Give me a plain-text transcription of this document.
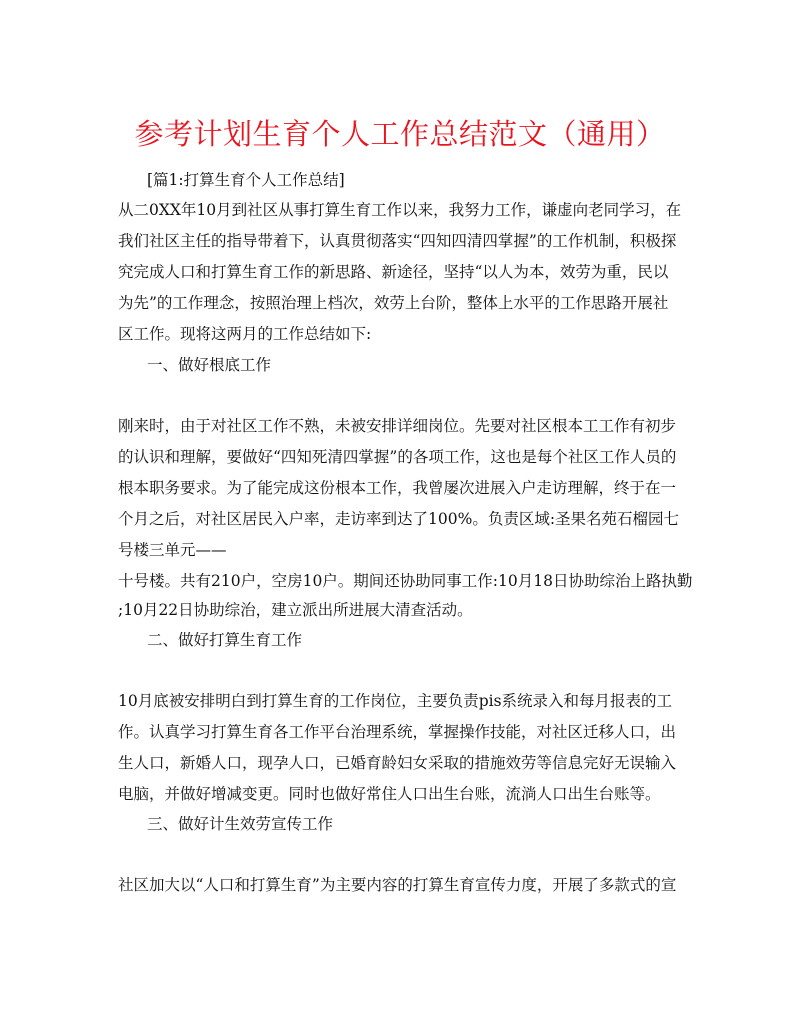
参考计划生育个人工作总结范文（通用）
[篇1:打算生育个人工作总结]
从二0XX年10月到社区从事打算生育工作以来，我努力工作，谦虚向老同学习，在
我们社区主任的指导带着下，认真贯彻落实“四知四清四掌握”的工作机制，积极探
究完成人口和打算生育工作的新思路、新途径，坚持“以人为本，效劳为重，民以
为先”的工作理念，按照治理上档次，效劳上台阶，整体上水平的工作思路开展社
区工作。现将这两月的工作总结如下:
一、做好根底工作
刚来时，由于对社区工作不熟，未被安排详细岗位。先要对社区根本工工作有初步
的认识和理解，要做好“四知死清四掌握”的各项工作，这也是每个社区工作人员的
根本职务要求。为了能完成这份根本工作，我曾屡次进展入户走访理解，终于在一
个月之后，对社区居民入户率，走访率到达了100%。负责区域:圣果名苑石榴园七
号楼三单元——
十号楼。共有210户，空房10户。期间还协助同事工作:10月18日协助综治上路执勤
;10月22日协助综治，建立派出所进展大清查活动。
二、做好打算生育工作
10月底被安排明白到打算生育的工作岗位，主要负责pis系统录入和每月报表的工
作。认真学习打算生育各工作平台治理系统，掌握操作技能，对社区迁移人口，出
生人口，新婚人口，现孕人口，已婚育龄妇女采取的措施效劳等信息完好无误输入
电脑，并做好增减变更。同时也做好常住人口出生台账，流淌人口出生台账等。
三、做好计生效劳宣传工作
社区加大以“人口和打算生育”为主要内容的打算生育宣传力度，开展了多款式的宣
